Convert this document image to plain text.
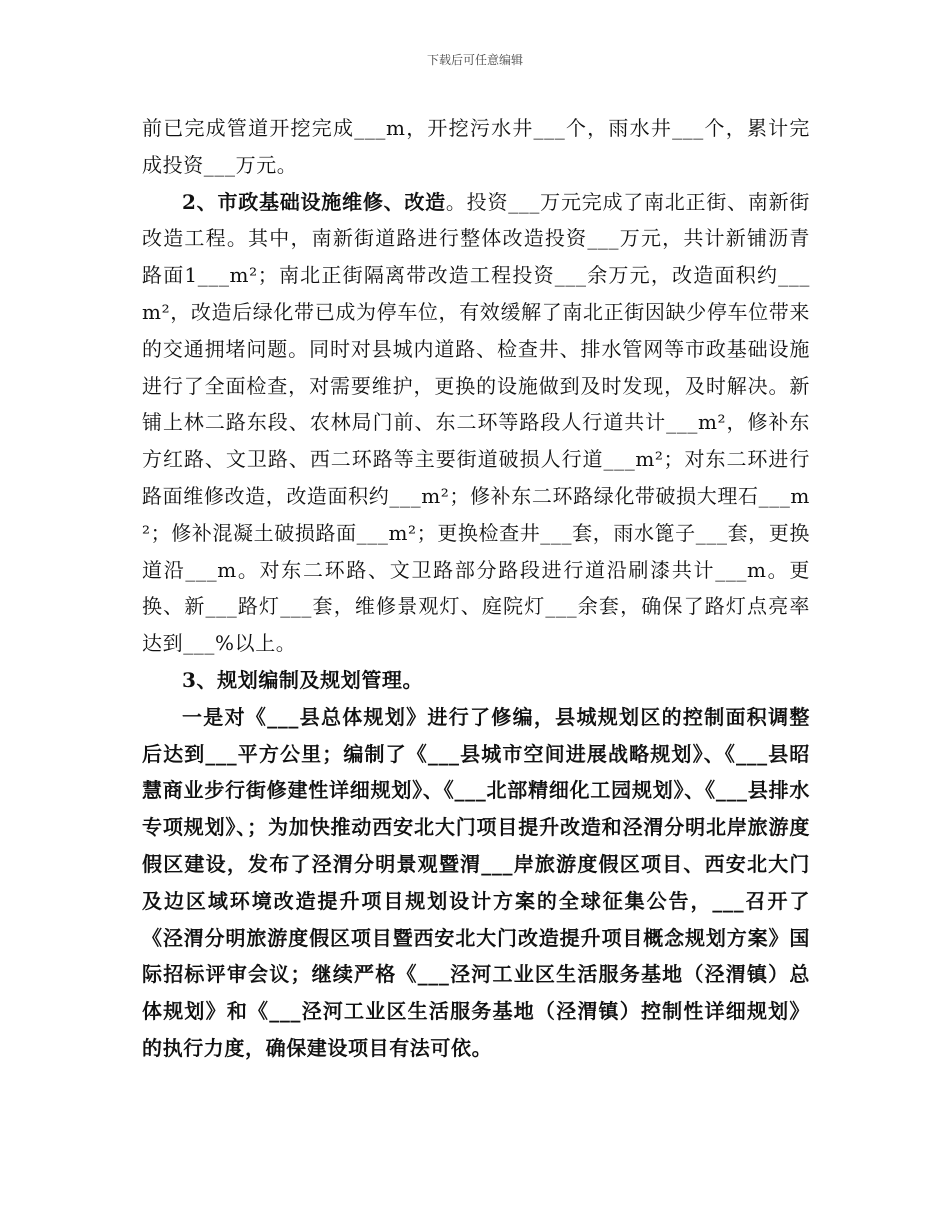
下载后可任意编辑

前已完成管道开挖完成___m，开挖污水井___个，雨水井___个，累计完成投资___万元。

2、市政基础设施维修、改造。投资___万元完成了南北正街、南新街改造工程。其中，南新街道路进行整体改造投资___万元，共计新铺沥青路面1___m²；南北正街隔离带改造工程投资___余万元，改造面积约___m²，改造后绿化带已成为停车位，有效缓解了南北正街因缺少停车位带来的交通拥堵问题。同时对县城内道路、检查井、排水管网等市政基础设施进行了全面检查，对需要维护，更换的设施做到及时发现，及时解决。新铺上林二路东段、农林局门前、东二环等路段人行道共计___m²，修补东方红路、文卫路、西二环路等主要街道破损人行道___m²；对东二环进行路面维修改造，改造面积约___m²；修补东二环路绿化带破损大理石___m²；修补混凝土破损路面___m²；更换检查井___套，雨水篦子___套，更换道沿___m。对东二环路、文卫路部分路段进行道沿刷漆共计___m。更换、新___路灯___套，维修景观灯、庭院灯___余套，确保了路灯点亮率达到___%以上。

3、规划编制及规划管理。

一是对《___县总体规划》进行了修编，县城规划区的控制面积调整后达到___平方公里；编制了《___县城市空间进展战略规划》、《___县昭慧商业步行街修建性详细规划》、《___北部精细化工园规划》、《___县排水专项规划》、；为加快推动西安北大门项目提升改造和泾渭分明北岸旅游度假区建设，发布了泾渭分明景观暨渭___岸旅游度假区项目、西安北大门及边区域环境改造提升项目规划设计方案的全球征集公告，___召开了《泾渭分明旅游度假区项目暨西安北大门改造提升项目概念规划方案》国际招标评审会议；继续严格《___泾河工业区生活服务基地（泾渭镇）总体规划》和《___泾河工业区生活服务基地（泾渭镇）控制性详细规划》的执行力度，确保建设项目有法可依。
